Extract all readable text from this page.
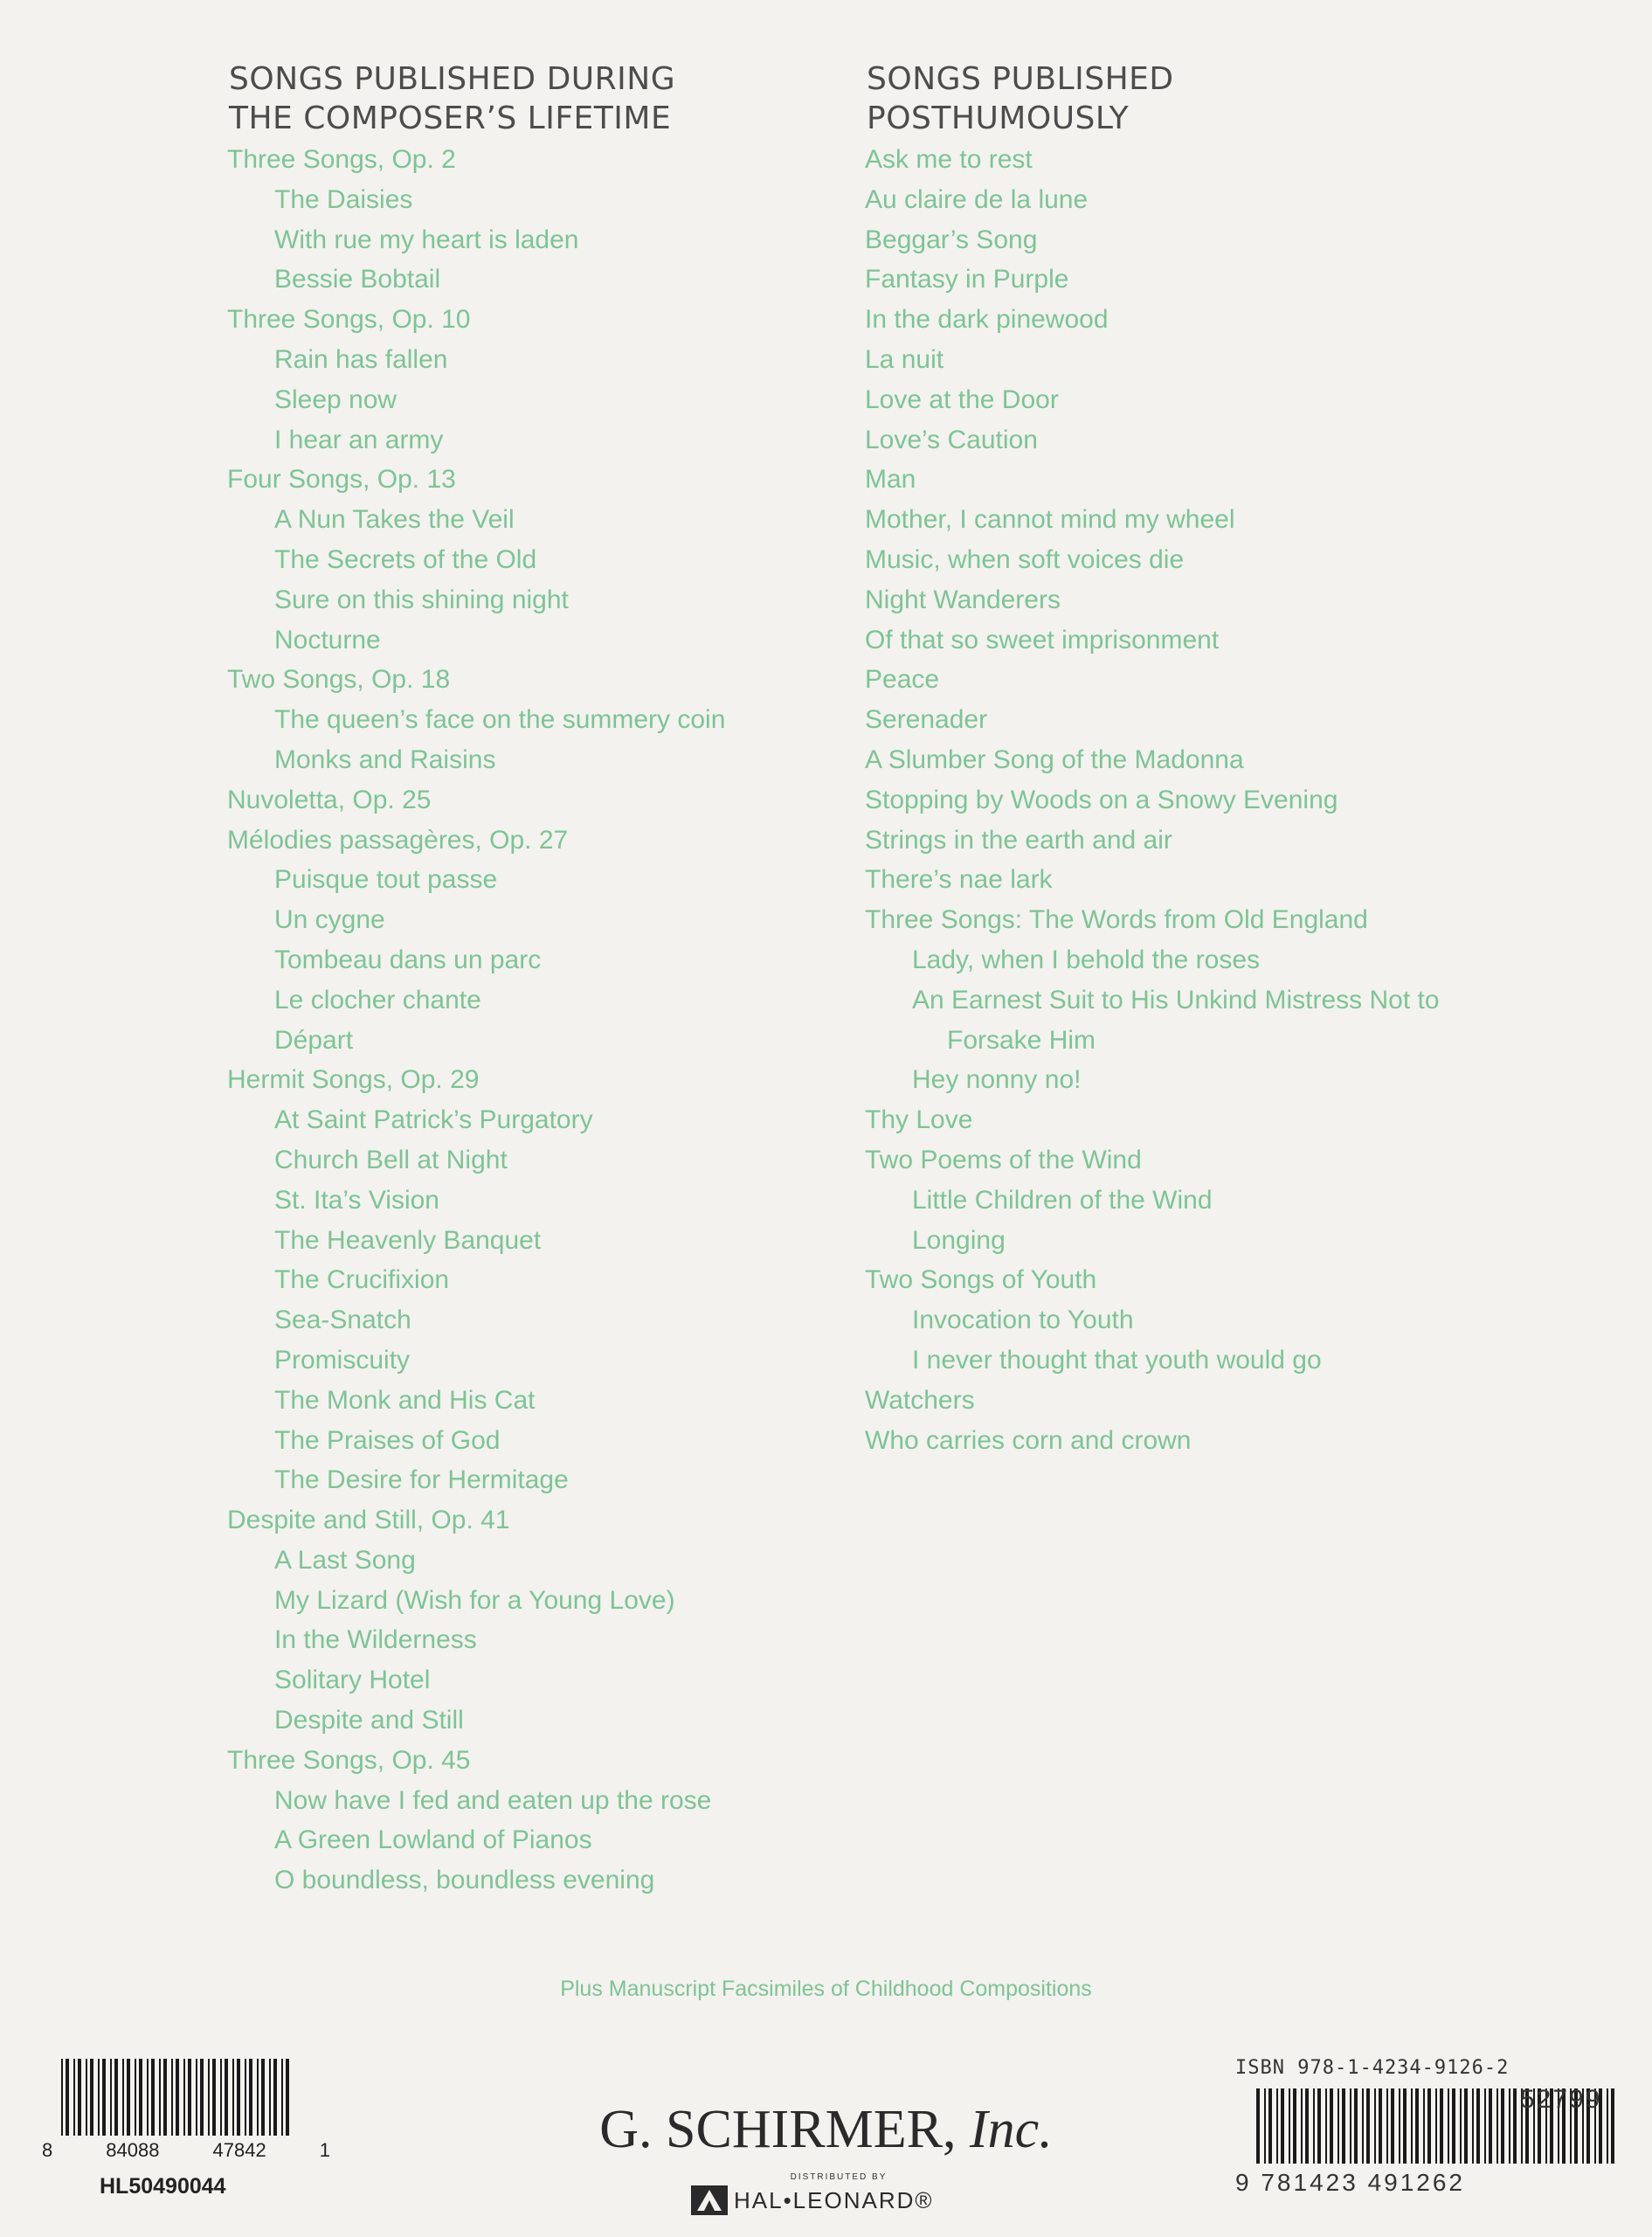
SONGS PUBLISHED DURING
THE COMPOSER’S LIFETIME
Three Songs, Op. 2
The Daisies
With rue my heart is laden
Bessie Bobtail
Three Songs, Op. 10
Rain has fallen
Sleep now
I hear an army
Four Songs, Op. 13
A Nun Takes the Veil
The Secrets of the Old
Sure on this shining night
Nocturne
Two Songs, Op. 18
The queen’s face on the summery coin
Monks and Raisins
Nuvoletta, Op. 25
Mélodies passagères, Op. 27
Puisque tout passe
Un cygne
Tombeau dans un parc
Le clocher chante
Départ
Hermit Songs, Op. 29
At Saint Patrick’s Purgatory
Church Bell at Night
St. Ita’s Vision
The Heavenly Banquet
The Crucifixion
Sea-Snatch
Promiscuity
The Monk and His Cat
The Praises of God
The Desire for Hermitage
Despite and Still, Op. 41
A Last Song
My Lizard (Wish for a Young Love)
In the Wilderness
Solitary Hotel
Despite and Still
Three Songs, Op. 45
Now have I fed and eaten up the rose
A Green Lowland of Pianos
O boundless, boundless evening
SONGS PUBLISHED
POSTHUMOUSLY
Ask me to rest
Au claire de la lune
Beggar’s Song
Fantasy in Purple
In the dark pinewood
La nuit
Love at the Door
Love’s Caution
Man
Mother, I cannot mind my wheel
Music, when soft voices die
Night Wanderers
Of that so sweet imprisonment
Peace
Serenader
A Slumber Song of the Madonna
Stopping by Woods on a Snowy Evening
Strings in the earth and air
There’s nae lark
Three Songs: The Words from Old England
Lady, when I behold the roses
An Earnest Suit to His Unkind Mistress Not to
Forsake Him
Hey nonny no!
Thy Love
Two Poems of the Wind
Little Children of the Wind
Longing
Two Songs of Youth
Invocation to Youth
I never thought that youth would go
Watchers
Who carries corn and crown
Plus Manuscript Facsimiles of Childhood Compositions
8	84088	47842	1
HL50490044
G. SCHIRMER, Inc.
DISTRIBUTED BY
HAL•LEONARD®
ISBN 978-1-4234-9126-2
52799
9 781423 491262
